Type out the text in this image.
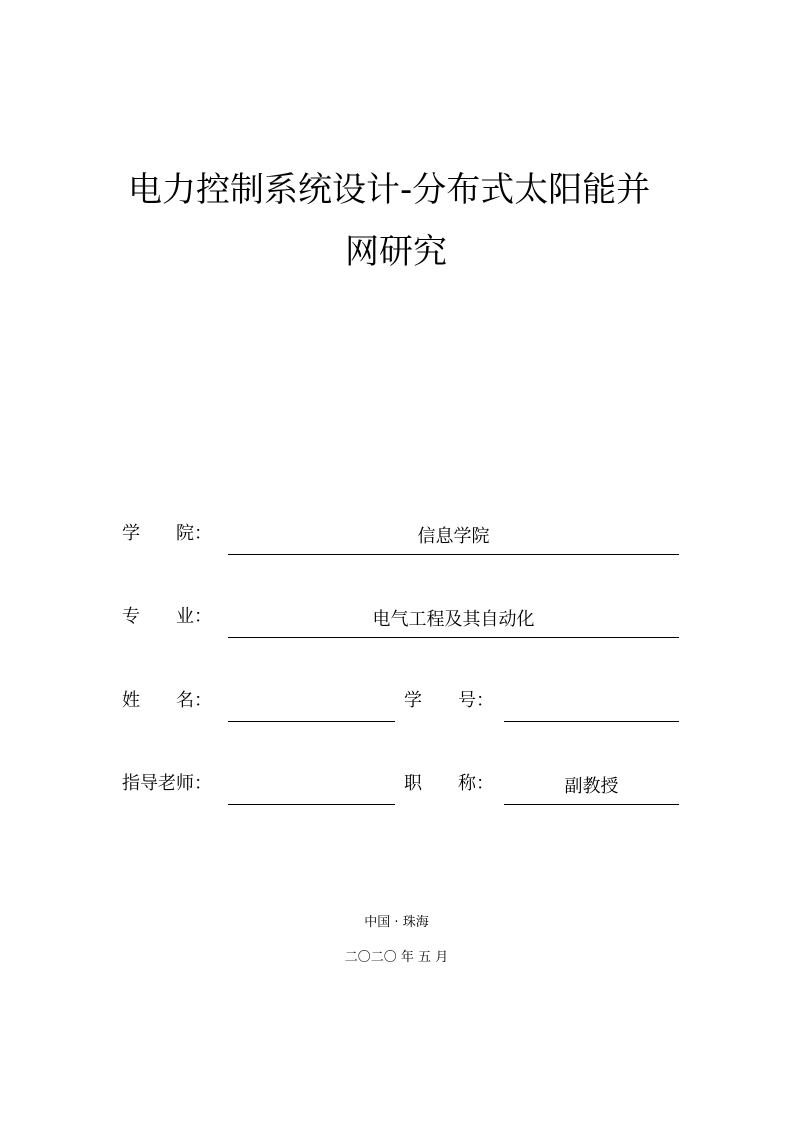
电力控制系统设计-分布式太阳能并
网研究
学　　院：	信息学院
专　　业：	电气工程及其自动化
姓　　名：	学　　号：
指导老师：	职　　称：	副教授
中国 · 珠海
二〇二〇 年 五 月
